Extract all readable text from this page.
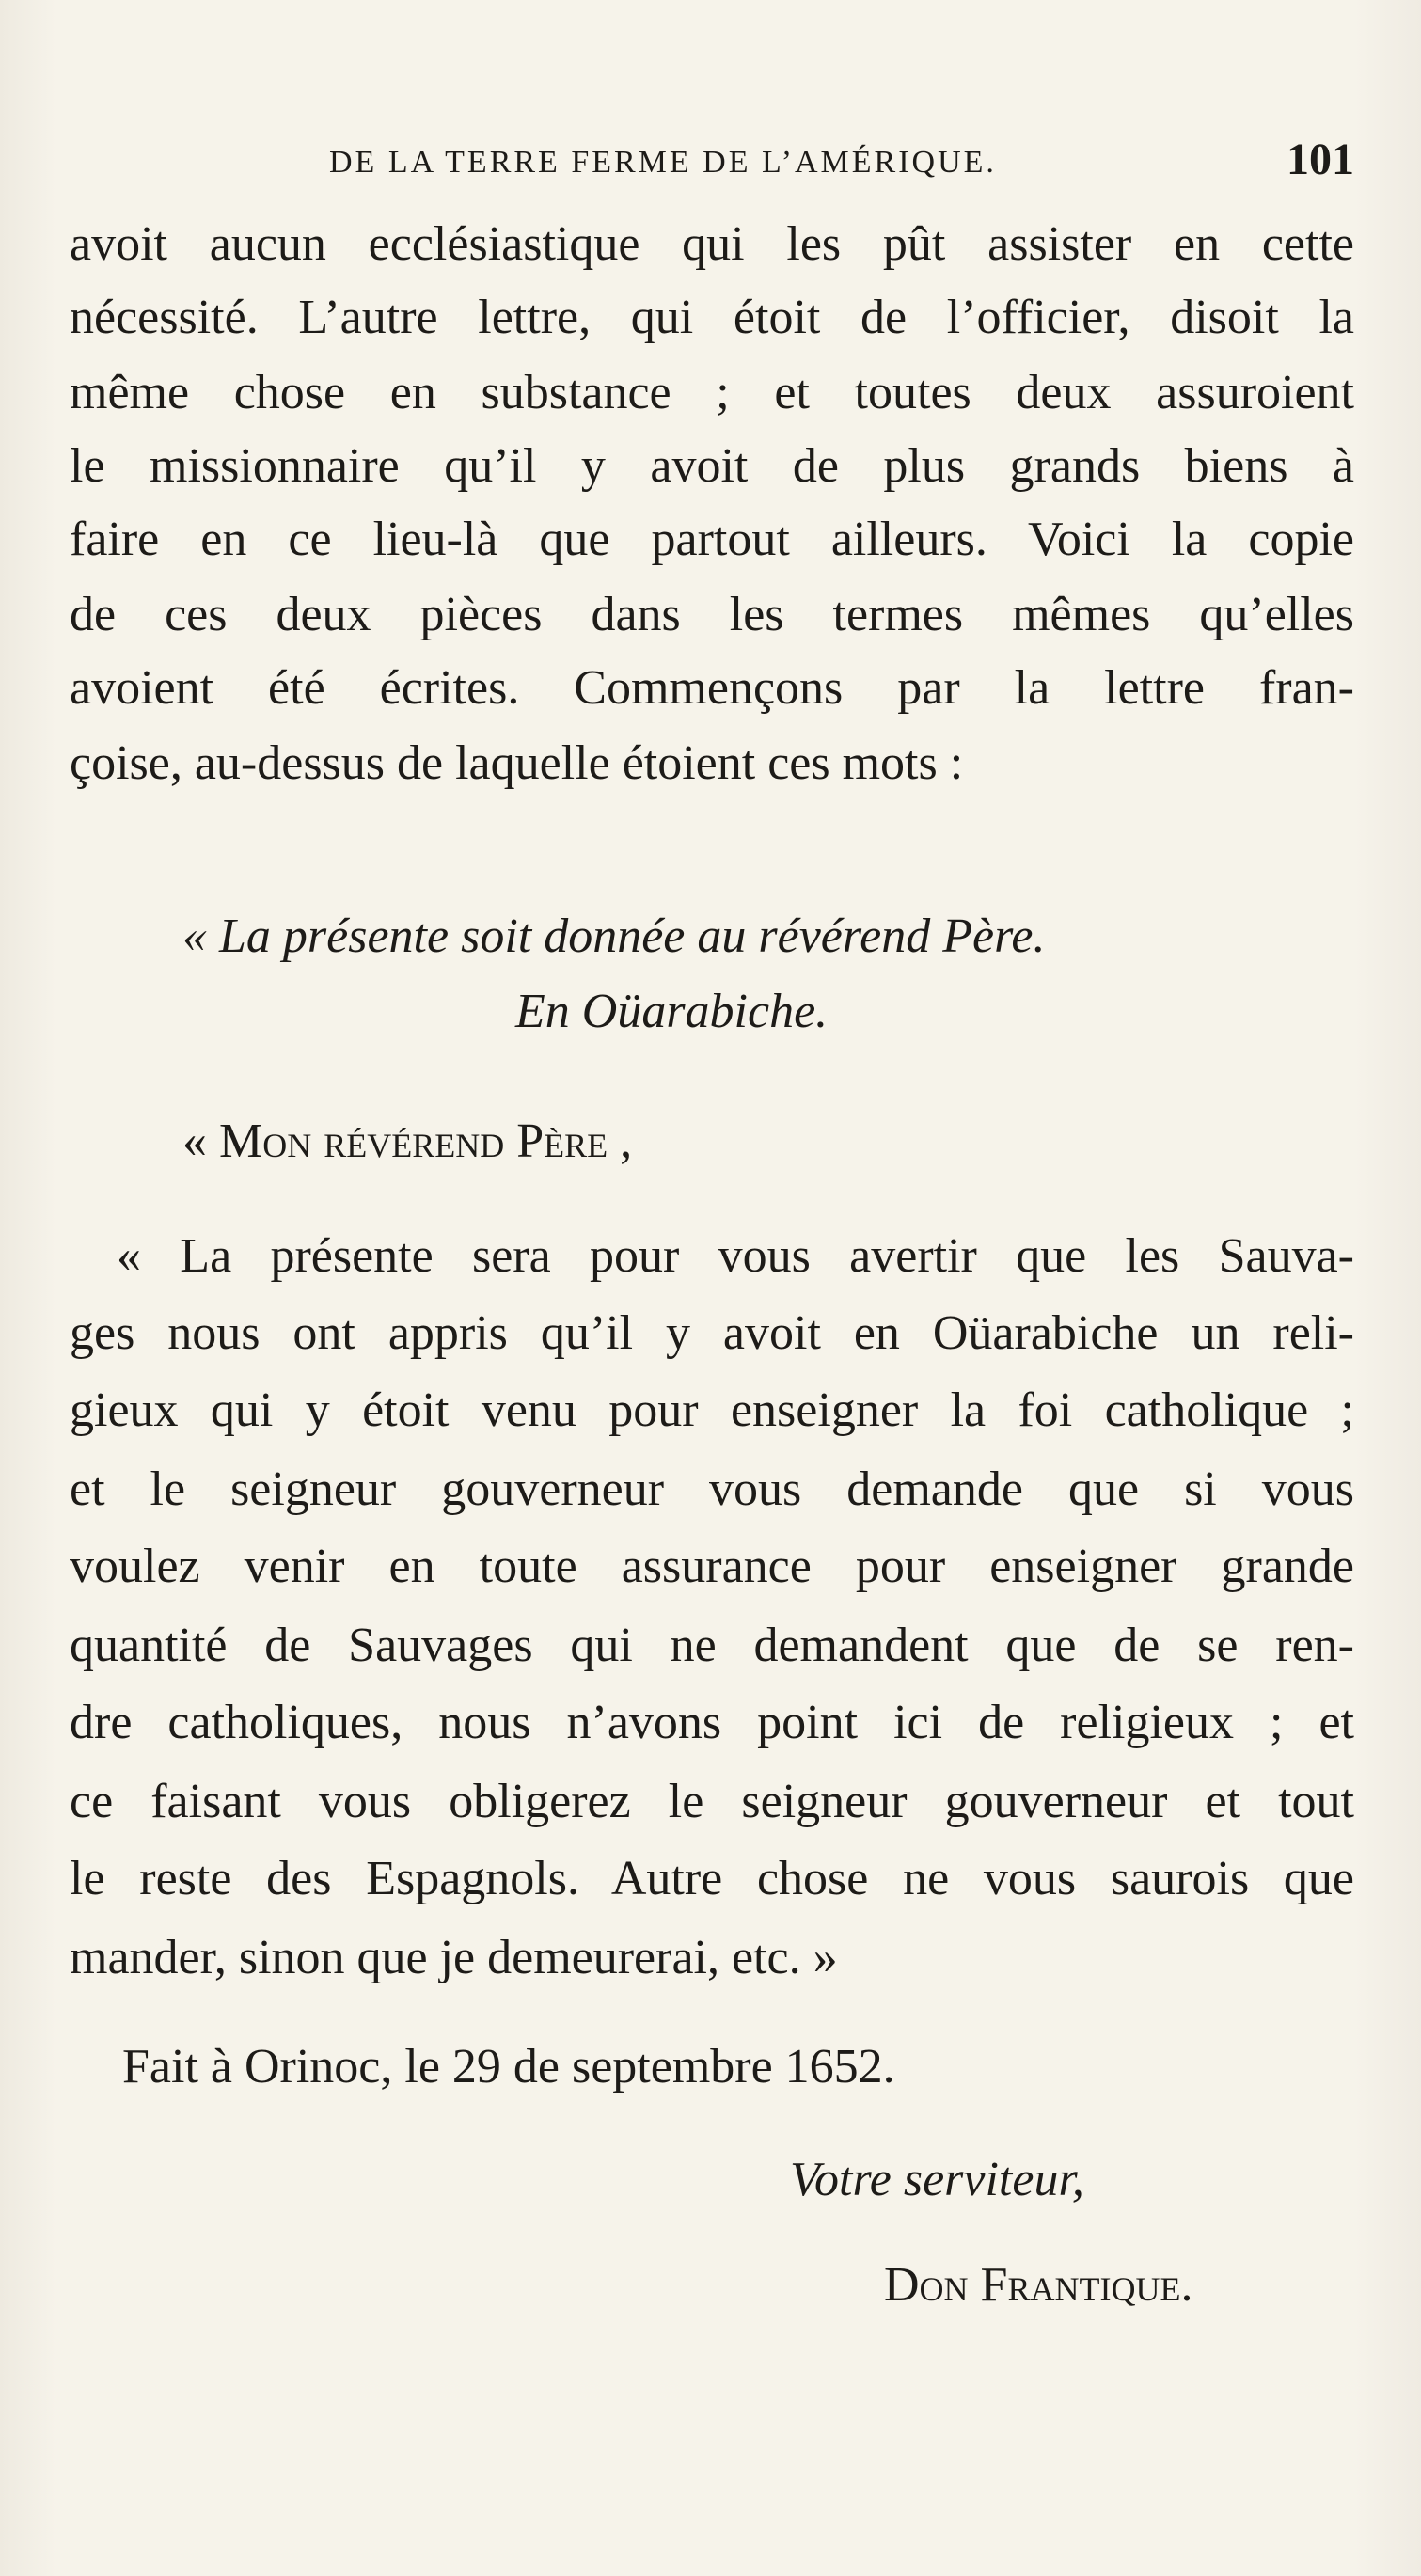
DE LA TERRE FERME DE L’AMÉRIQUE.	101
avoit aucun ecclésiastique qui les pût assister en cette
nécessité. L’autre lettre, qui étoit de l’officier, disoit la
même chose en substance ; et toutes deux assuroient
le missionnaire qu’il y avoit de plus grands biens à
faire en ce lieu-là que partout ailleurs. Voici la copie
de ces deux pièces dans les termes mêmes qu’elles
avoient été écrites. Commençons par la lettre fran-
çoise, au-dessus de laquelle étoient ces mots :
« La présente soit donnée au révérend Père.
En Oüarabiche.
« Mon révérend Père ,
« La présente sera pour vous avertir que les Sauva-
ges nous ont appris qu’il y avoit en Oüarabiche un reli-
gieux qui y étoit venu pour enseigner la foi catholique ;
et le seigneur gouverneur vous demande que si vous
voulez venir en toute assurance pour enseigner grande
quantité de Sauvages qui ne demandent que de se ren-
dre catholiques, nous n’avons point ici de religieux ; et
ce faisant vous obligerez le seigneur gouverneur et tout
le reste des Espagnols. Autre chose ne vous saurois que
mander, sinon que je demeurerai, etc. »
Fait à Orinoc, le 29 de septembre 1652.
Votre serviteur,
Don Frantique.
